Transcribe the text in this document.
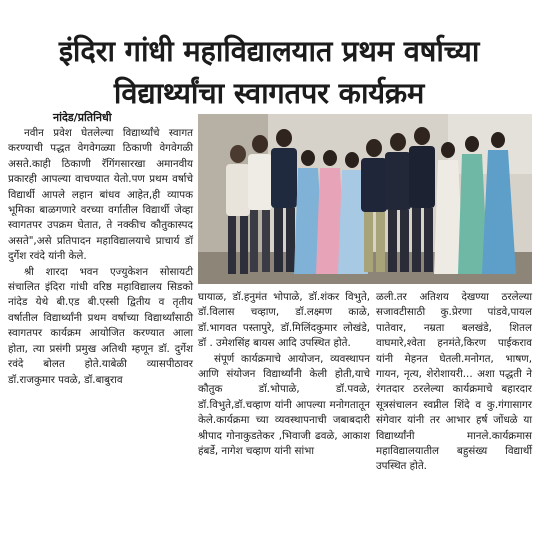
इंदिरा गांधी महाविद्यालयात प्रथम वर्षाच्या
विद्यार्थ्यांचा स्वागतपर कार्यक्रम
नांदेड/प्रतिनिधी

नवीन प्रवेश घेतलेल्या विद्यार्थ्यांचे स्वागत करण्याची पद्धत वेगवेगळ्या ठिकाणी वेगवेगळी असते.काही ठिकाणी रॅगिंगसारखा अमानवीय प्रकारही आपल्या वाचण्यात येतो.पण प्रथम वर्षाचे विद्यार्थी आपले लहान बांधव आहेत,ही व्यापक भूमिका बाळगणारे वरच्या वर्गातील विद्यार्थी जेव्हा स्वागतपर उपक्रम घेतात, ते नक्कीच कौतुकास्पद असते",असे प्रतिपादन महाविद्यालयाचे प्राचार्य डॉ दुर्गेश रवंदे यांनी केले.

श्री शारदा भवन एज्युकेशन सोसायटी संचालित इंदिरा गांधी वरिष्ठ महाविद्यालय सिडको नांदेड येथे बी.एड बी.एस्सी द्वितीय व तृतीय वर्षातील विद्यार्थ्यांनी प्रथम वर्षाच्या विद्यार्थ्यांसाठी स्वागतपर कार्यक्रम आयोजित करण्यात आला होता, त्या प्रसंगी प्रमुख अतिथी म्हणून डॉ. दुर्गेश रवंदे बोलत होते.याबेळी व्यासपीठावर डॉ.राजकुमार पवळे, डॉ.बाबुराव

घायाळ, डॉ.हनुमंत भोपाळे, डॉ.शंकर विभुते, डॉ.विलास चव्हाण, डॉ.लक्ष्मण काळे, डॉ.भागवत पस्तापुरे, डॉ.मिलिंदकुमार लोखंडे, डॉ . उमेशसिंह बायस आदि उपस्थित होते.

संपूर्ण कार्यक्रमाचे आयोजन, व्यवस्थापन आणि संयोजन विद्यार्थ्यांनी केली होती,याचे कौतुक डॉ.भोपाळे, डॉ.पवळे, डॉ.विभुते,डॉ.चव्हाण यांनी आपल्या मनोगतातून केले.कार्यक्रमा च्या व्यवस्थापनाची जबाबदारी श्रीपाद गोनाकुडतेकर ,भिवाजी ढवळे, आकाश हंबर्डे, नागेश चव्हाण यांनी सांभा

ळली.तर अतिशय देखण्या ठरलेल्या सजावटीसाठी कु.प्रेरणा पांडवे,पायल पातेवार, नम्रता बलखंडे, शितल वाघमारे,श्वेता हनमंते,किरण पाईकराव यांनी मेहनत घेतली.मनोगत, भाषण, गायन, नृत्य, शेरोशायरी... अशा पद्धती ने रंगतदार ठरलेल्या कार्यक्रमाचे बहारदार सूत्रसंचालन स्वप्नील शिंदे व कु.गंगासागर संगेवार यांनी तर आभार हर्ष जोंधळे या विद्यार्थ्यांनी मानले.कार्यक्रमास महाविद्यालयातील बहुसंख्य विद्यार्थी उपस्थित होते.
